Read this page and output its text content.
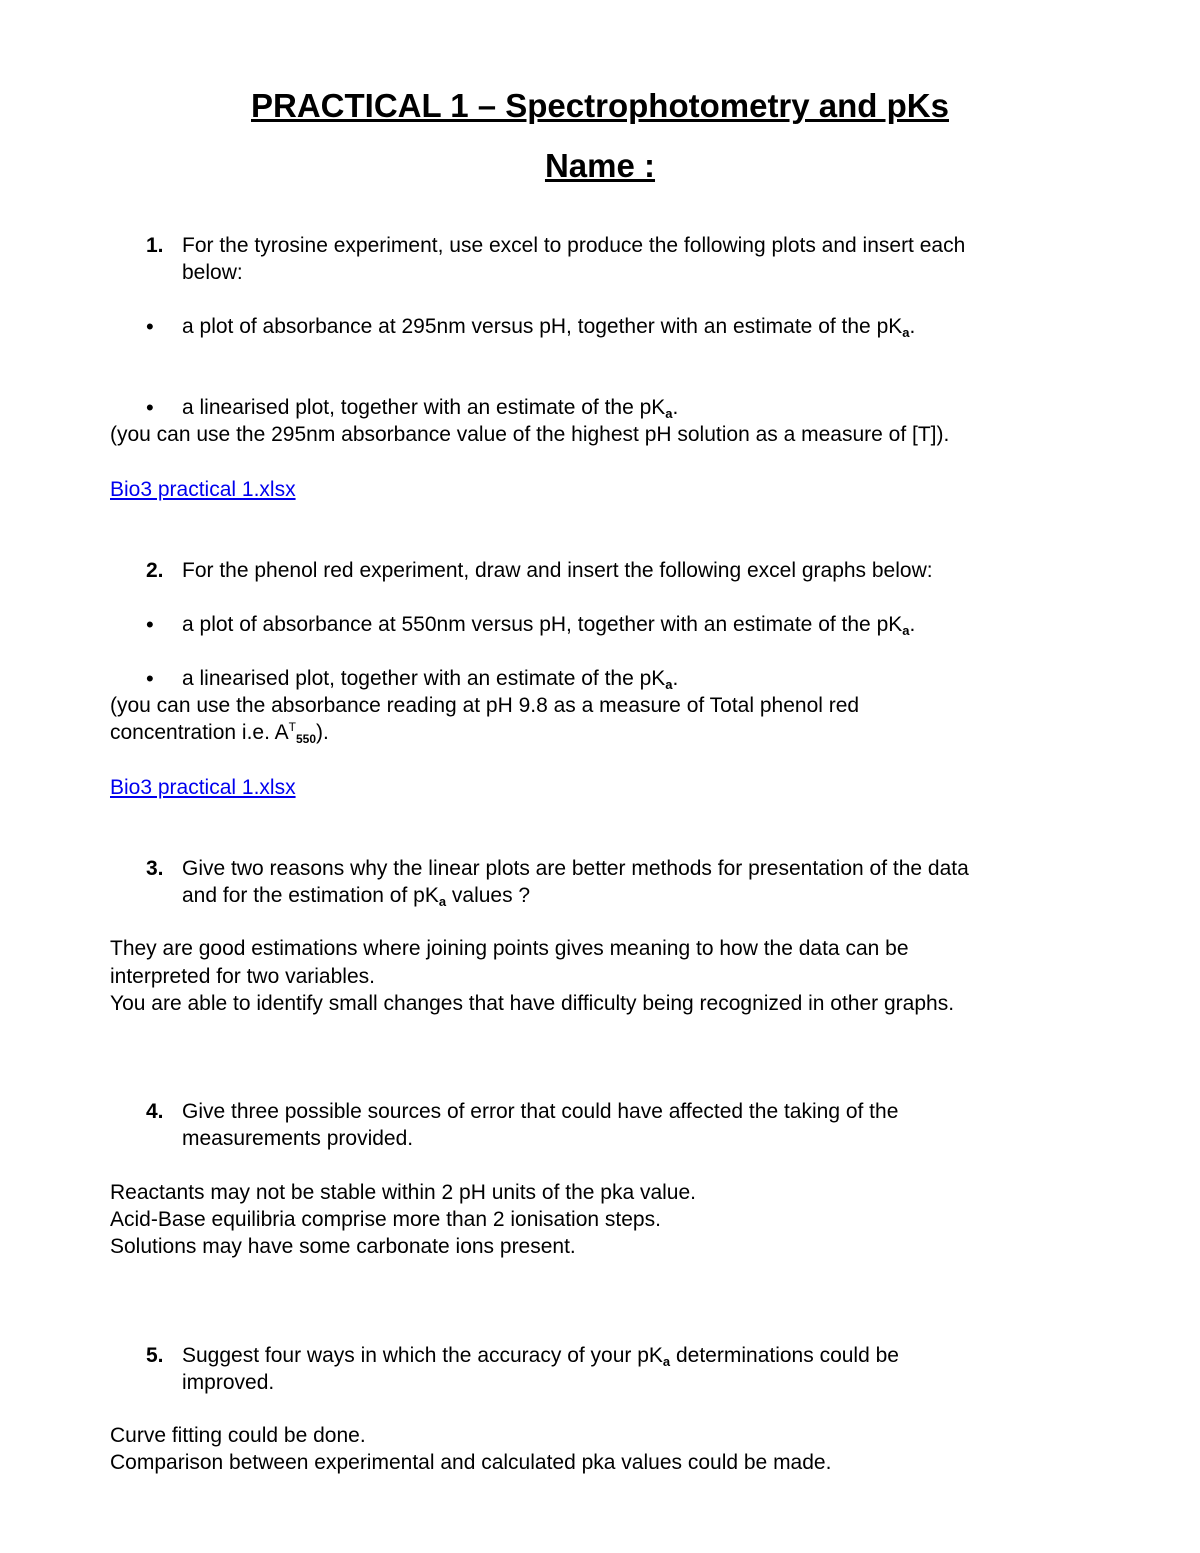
PRACTICAL 1 – Spectrophotometry and pKs
Name :
1. For the tyrosine experiment, use excel to produce the following plots and insert each
below:
•	a plot of absorbance at 295nm versus pH, together with an estimate of the pKa.
•	a linearised plot, together with an estimate of the pKa.
(you can use the 295nm absorbance value of the highest pH solution as a measure of [T]).
Bio3 practical 1.xlsx
2. For the phenol red experiment, draw and insert the following excel graphs below:
•	a plot of absorbance at 550nm versus pH, together with an estimate of the pKa.
•	a linearised plot, together with an estimate of the pKa.
(you can use the absorbance reading at pH 9.8 as a measure of Total phenol red
concentration i.e. $A^T550$).
Bio3 practical 1.xlsx
3. Give two reasons why the linear plots are better methods for presentation of the data
and for the estimation of pKa values ?
They are good estimations where joining points gives meaning to how the data can be
interpreted for two variables.
You are able to identify small changes that have difficulty being recognized in other graphs.
4. Give three possible sources of error that could have affected the taking of the
measurements provided.
Reactants may not be stable within 2 pH units of the pka value.
Acid-Base equilibria comprise more than 2 ionisation steps.
Solutions may have some carbonate ions present.
5. Suggest four ways in which the accuracy of your pKa determinations could be
improved.
Curve fitting could be done.
Comparison between experimental and calculated pka values could be made.
